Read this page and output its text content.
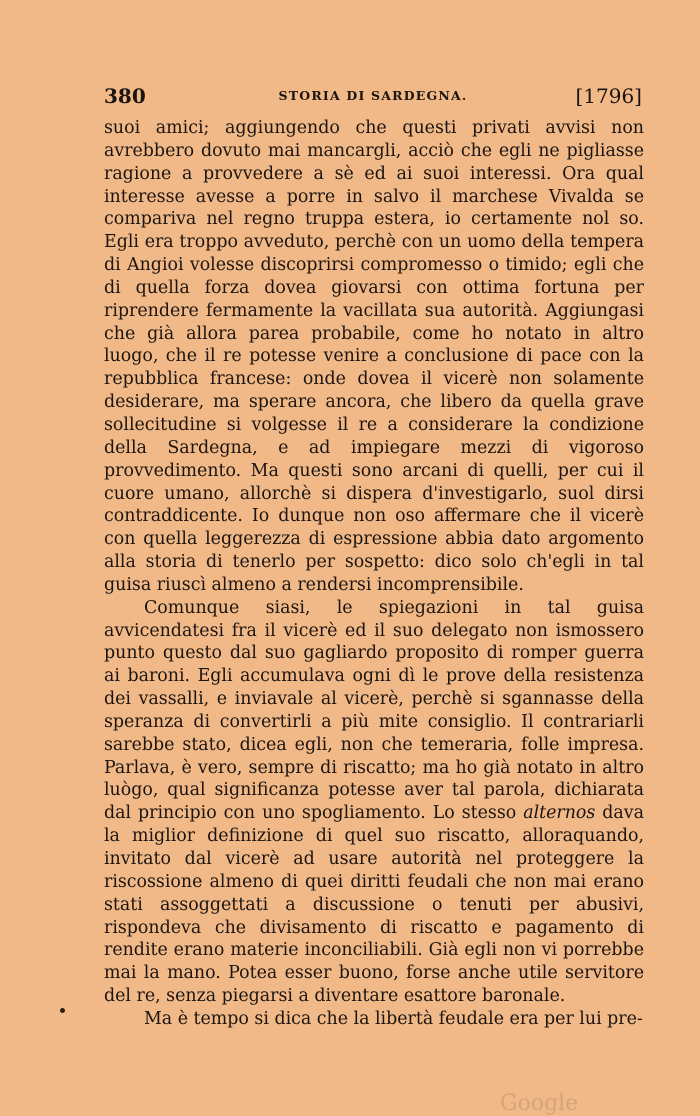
380	STORIA DI SARDEGNA.	[1796]

suoi amici; aggiungendo che questi privati avvisi non avrebbero dovuto mai mancargli, acciò che egli ne pigliasse ragione a provvedere a sè ed ai suoi interessi. Ora qual interesse avesse a porre in salvo il marchese Vivalda se compariva nel regno truppa estera, io certamente nol so. Egli era troppo avveduto, perchè con un uomo della tempera di Angioi volesse discoprirsi compromesso o timido; egli che di quella forza dovea giovarsi con ottima fortuna per riprendere fermamente la vacillata sua autorità. Aggiungasi che già allora parea probabile, come ho notato in altro luogo, che il re potesse venire a conclusione di pace con la repubblica francese: onde dovea il vicerè non solamente desiderare, ma sperare ancora, che libero da quella grave sollecitudine si volgesse il re a considerare la condizione della Sardegna, e ad impiegare mezzi di vigoroso provvedimento. Ma questi sono arcani di quelli, per cui il cuore umano, allorchè si dispera d'investigarlo, suol dirsi contraddicente. Io dunque non oso affermare che il vicerè con quella leggerezza di espressione abbia dato argomento alla storia di tenerlo per sospetto: dico solo ch'egli in tal guisa riuscì almeno a rendersi incomprensibile.

Comunque siasi, le spiegazioni in tal guisa avvicendatesi fra il vicerè ed il suo delegato non ismossero punto questo dal suo gagliardo proposito di romper guerra ai baroni. Egli accumulava ogni dì le prove della resistenza dei vassalli, e inviavale al vicerè, perchè si sgannasse della speranza di convertirli a più mite consiglio. Il contrariarli sarebbe stato, dicea egli, non che temeraria, folle impresa. Parlava, è vero, sempre di riscatto; ma ho già notato in altro luògo, qual significanza potesse aver tal parola, dichiarata dal principio con uno spogliamento. Lo stesso alternos dava la miglior definizione di quel suo riscatto, alloraquando, invitato dal vicerè ad usare autorità nel proteggere la riscossione almeno di quei diritti feudali che non mai erano stati assoggettati a discussione o tenuti per abusivi, rispondeva che divisamento di riscatto e pagamento di rendite erano materie inconciliabili. Già egli non vi porrebbe mai la mano. Potea esser buono, forse anche utile servitore del re, senza piegarsi a diventare esattore baronale.

Ma è tempo si dica che la libertà feudale era per lui pre-

Google
